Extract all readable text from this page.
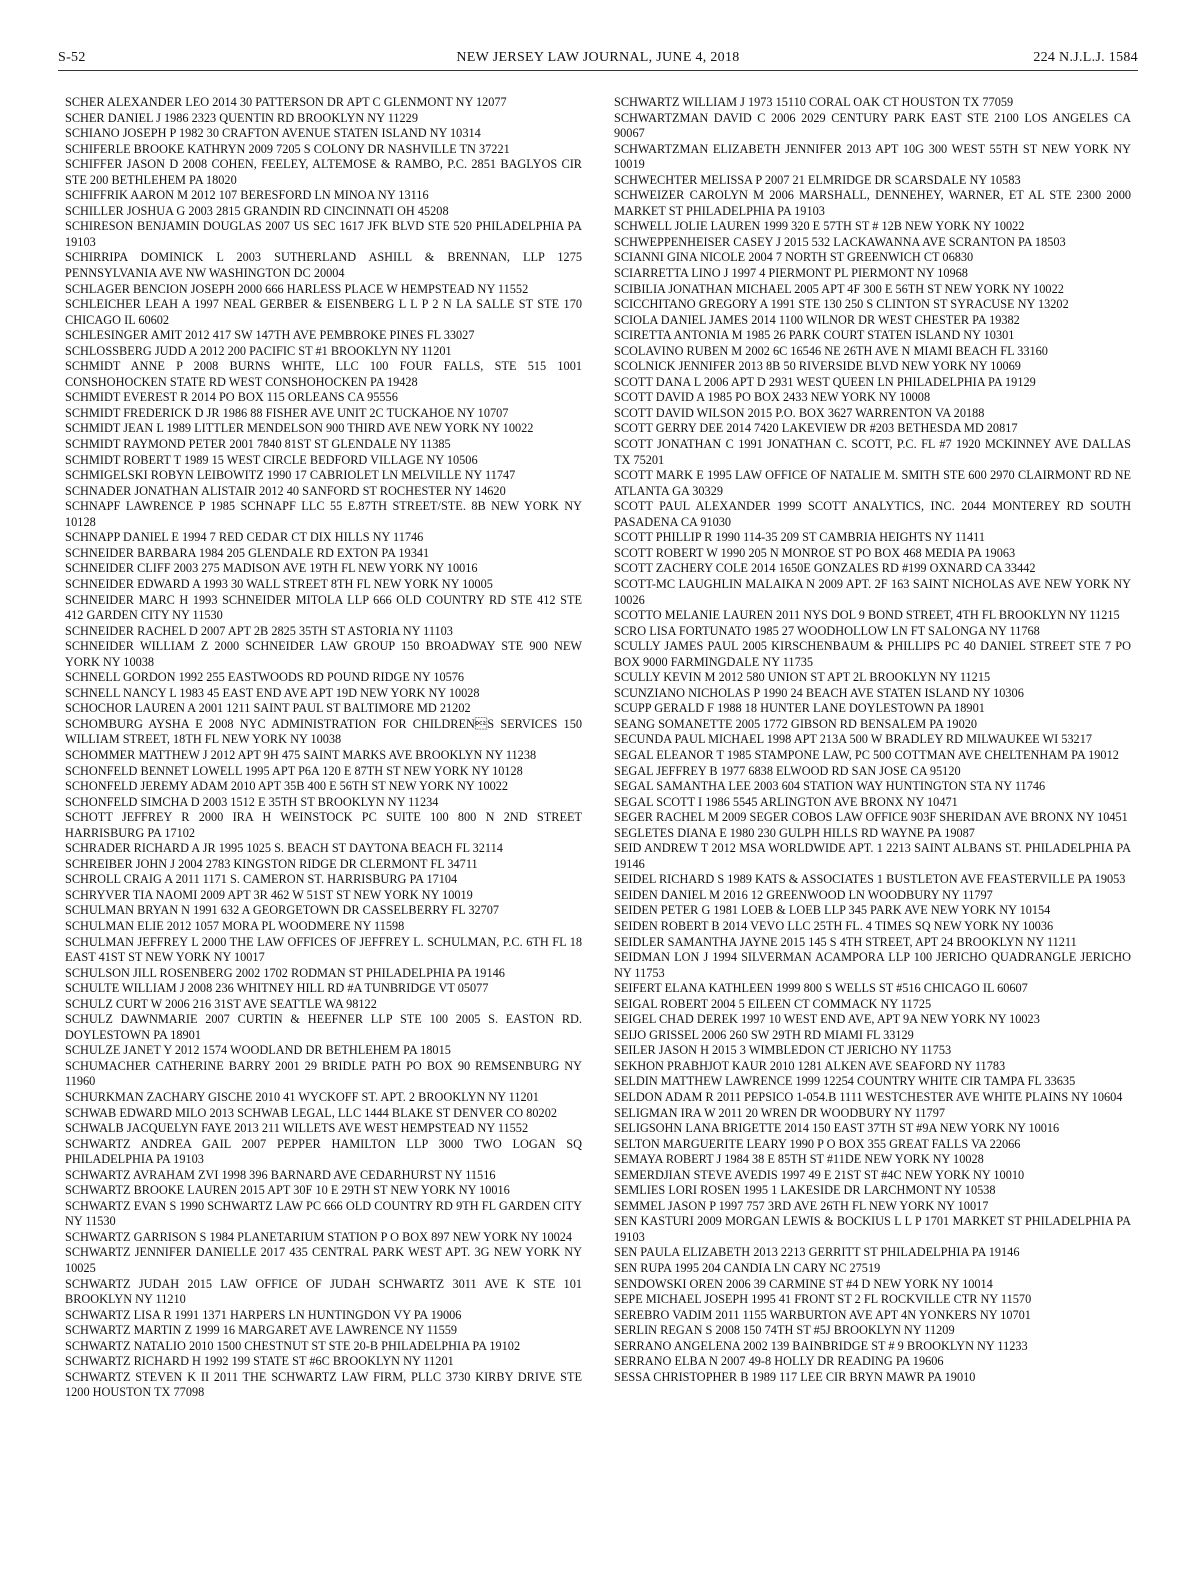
S-52	NEW JERSEY LAW JOURNAL, JUNE 4, 2018	224 N.J.L.J. 1584

SCHER ALEXANDER LEO 2014 30 PATTERSON DR APT C GLENMONT NY 12077

SCHER DANIEL J 1986 2323 QUENTIN RD BROOKLYN NY 11229

SCHIANO JOSEPH P 1982 30 CRAFTON AVENUE STATEN ISLAND NY 10314

SCHIFERLE BROOKE KATHRYN 2009 7205 S COLONY DR NASHVILLE TN 37221

SCHIFFER JASON D 2008 COHEN, FEELEY, ALTEMOSE & RAMBO, P.C. 2851 BAGLYOS CIR STE 200 BETHLEHEM PA 18020

SCHIFFRIK AARON M 2012 107 BERESFORD LN MINOA NY 13116

SCHILLER JOSHUA G 2003 2815 GRANDIN RD CINCINNATI OH 45208

SCHIRESON BENJAMIN DOUGLAS 2007 US SEC 1617 JFK BLVD STE 520 PHILADELPHIA PA 19103

SCHIRRIPA DOMINICK L 2003 SUTHERLAND ASHILL & BRENNAN, LLP 1275 PENNSYLVANIA AVE NW WASHINGTON DC 20004

SCHLAGER BENCION JOSEPH 2000 666 HARLESS PLACE W HEMPSTEAD NY 11552

SCHLEICHER LEAH A 1997 NEAL GERBER & EISENBERG L L P 2 N LA SALLE ST STE 170 CHICAGO IL 60602

SCHLESINGER AMIT 2012 417 SW 147TH AVE PEMBROKE PINES FL 33027

SCHLOSSBERG JUDD A 2012 200 PACIFIC ST #1 BROOKLYN NY 11201

SCHMIDT ANNE P 2008 BURNS WHITE, LLC 100 FOUR FALLS, STE 515 1001 CONSHOHOCKEN STATE RD WEST CONSHOHOCKEN PA 19428

SCHMIDT EVEREST R 2014 PO BOX 115 ORLEANS CA 95556

SCHMIDT FREDERICK D JR 1986 88 FISHER AVE UNIT 2C TUCKAHOE NY 10707

SCHMIDT JEAN L 1989 LITTLER MENDELSON 900 THIRD AVE NEW YORK NY 10022

SCHMIDT RAYMOND PETER 2001 7840 81ST ST GLENDALE NY 11385

SCHMIDT ROBERT T 1989 15 WEST CIRCLE BEDFORD VILLAGE NY 10506

SCHMIGELSKI ROBYN LEIBOWITZ 1990 17 CABRIOLET LN MELVILLE NY 11747

SCHNADER JONATHAN ALISTAIR 2012 40 SANFORD ST ROCHESTER NY 14620

SCHNAPF LAWRENCE P 1985 SCHNAPF LLC 55 E.87TH STREET/STE. 8B NEW YORK NY 10128

SCHNAPP DANIEL E 1994 7 RED CEDAR CT DIX HILLS NY 11746

SCHNEIDER BARBARA 1984 205 GLENDALE RD EXTON PA 19341

SCHNEIDER CLIFF 2003 275 MADISON AVE 19TH FL NEW YORK NY 10016

SCHNEIDER EDWARD A 1993 30 WALL STREET 8TH FL NEW YORK NY 10005

SCHNEIDER MARC H 1993 SCHNEIDER MITOLA LLP 666 OLD COUNTRY RD STE 412 STE 412 GARDEN CITY NY 11530

SCHNEIDER RACHEL D 2007 APT 2B 2825 35TH ST ASTORIA NY 11103

SCHNEIDER WILLIAM Z 2000 SCHNEIDER LAW GROUP 150 BROADWAY STE 900 NEW YORK NY 10038

SCHNELL GORDON 1992 255 EASTWOODS RD POUND RIDGE NY 10576

SCHNELL NANCY L 1983 45 EAST END AVE APT 19D NEW YORK NY 10028

SCHOCHOR LAUREN A 2001 1211 SAINT PAUL ST BALTIMORE MD 21202

SCHOMBURG AYSHA E 2008 NYC ADMINISTRATION FOR CHILDRENS SERVICES 150 WILLIAM STREET, 18TH FL NEW YORK NY 10038

SCHOMMER MATTHEW J 2012 APT 9H 475 SAINT MARKS AVE BROOKLYN NY 11238

SCHONFELD BENNET LOWELL 1995 APT P6A 120 E 87TH ST NEW YORK NY 10128

SCHONFELD JEREMY ADAM 2010 APT 35B 400 E 56TH ST NEW YORK NY 10022

SCHONFELD SIMCHA D 2003 1512 E 35TH ST BROOKLYN NY 11234

SCHOTT JEFFREY R 2000 IRA H WEINSTOCK PC SUITE 100 800 N 2ND STREET HARRISBURG PA 17102

SCHRADER RICHARD A JR 1995 1025 S. BEACH ST DAYTONA BEACH FL 32114

SCHREIBER JOHN J 2004 2783 KINGSTON RIDGE DR CLERMONT FL 34711

SCHROLL CRAIG A 2011 1171 S. CAMERON ST. HARRISBURG PA 17104

SCHRYVER TIA NAOMI 2009 APT 3R 462 W 51ST ST NEW YORK NY 10019

SCHULMAN BRYAN N 1991 632 A GEORGETOWN DR CASSELBERRY FL 32707

SCHULMAN ELIE 2012 1057 MORA PL WOODMERE NY 11598

SCHULMAN JEFFREY L 2000 THE LAW OFFICES OF JEFFREY L. SCHULMAN, P.C. 6TH FL 18 EAST 41ST ST NEW YORK NY 10017

SCHULSON JILL ROSENBERG 2002 1702 RODMAN ST PHILADELPHIA PA 19146

SCHULTE WILLIAM J 2008 236 WHITNEY HILL RD #A TUNBRIDGE VT 05077

SCHULZ CURT W 2006 216 31ST AVE SEATTLE WA 98122

SCHULZ DAWNMARIE 2007 CURTIN & HEEFNER LLP STE 100 2005 S. EASTON RD. DOYLESTOWN PA 18901

SCHULZE JANET Y 2012 1574 WOODLAND DR BETHLEHEM PA 18015

SCHUMACHER CATHERINE BARRY 2001 29 BRIDLE PATH PO BOX 90 REMSENBURG NY 11960

SCHURKMAN ZACHARY GISCHE 2010 41 WYCKOFF ST. APT. 2 BROOKLYN NY 11201

SCHWAB EDWARD MILO 2013 SCHWAB LEGAL, LLC 1444 BLAKE ST DENVER CO 80202

SCHWALB JACQUELYN FAYE 2013 211 WILLETS AVE WEST HEMPSTEAD NY 11552

SCHWARTZ ANDREA GAIL 2007 PEPPER HAMILTON LLP 3000 TWO LOGAN SQ PHILADELPHIA PA 19103

SCHWARTZ AVRAHAM ZVI 1998 396 BARNARD AVE CEDARHURST NY 11516

SCHWARTZ BROOKE LAUREN 2015 APT 30F 10 E 29TH ST NEW YORK NY 10016

SCHWARTZ EVAN S 1990 SCHWARTZ LAW PC 666 OLD COUNTRY RD 9TH FL GARDEN CITY NY 11530

SCHWARTZ GARRISON S 1984 PLANETARIUM STATION P O BOX 897 NEW YORK NY 10024

SCHWARTZ JENNIFER DANIELLE 2017 435 CENTRAL PARK WEST APT. 3G NEW YORK NY 10025

SCHWARTZ JUDAH 2015 LAW OFFICE OF JUDAH SCHWARTZ 3011 AVE K STE 101 BROOKLYN NY 11210

SCHWARTZ LISA R 1991 1371 HARPERS LN HUNTINGDON VY PA 19006

SCHWARTZ MARTIN Z 1999 16 MARGARET AVE LAWRENCE NY 11559

SCHWARTZ NATALIO 2010 1500 CHESTNUT ST STE 20-B PHILADELPHIA PA 19102

SCHWARTZ RICHARD H 1992 199 STATE ST #6C BROOKLYN NY 11201

SCHWARTZ STEVEN K II 2011 THE SCHWARTZ LAW FIRM, PLLC 3730 KIRBY DRIVE STE 1200 HOUSTON TX 77098

SCHWARTZ WILLIAM J 1973 15110 CORAL OAK CT HOUSTON TX 77059

SCHWARTZMAN DAVID C 2006 2029 CENTURY PARK EAST STE 2100 LOS ANGELES CA 90067

SCHWARTZMAN ELIZABETH JENNIFER 2013 APT 10G 300 WEST 55TH ST NEW YORK NY 10019

SCHWECHTER MELISSA P 2007 21 ELMRIDGE DR SCARSDALE NY 10583

SCHWEIZER CAROLYN M 2006 MARSHALL, DENNEHEY, WARNER, ET AL STE 2300 2000 MARKET ST PHILADELPHIA PA 19103

SCHWELL JOLIE LAUREN 1999 320 E 57TH ST # 12B NEW YORK NY 10022

SCHWEPPENHEISER CASEY J 2015 532 LACKAWANNA AVE SCRANTON PA 18503

SCIANNI GINA NICOLE 2004 7 NORTH ST GREENWICH CT 06830

SCIARRETTA LINO J 1997 4 PIERMONT PL PIERMONT NY 10968

SCIBILIA JONATHAN MICHAEL 2005 APT 4F 300 E 56TH ST NEW YORK NY 10022

SCICCHITANO GREGORY A 1991 STE 130 250 S CLINTON ST SYRACUSE NY 13202

SCIOLA DANIEL JAMES 2014 1100 WILNOR DR WEST CHESTER PA 19382

SCIRETTA ANTONIA M 1985 26 PARK COURT STATEN ISLAND NY 10301

SCOLAVINO RUBEN M 2002 6C 16546 NE 26TH AVE N MIAMI BEACH FL 33160

SCOLNICK JENNIFER 2013 8B 50 RIVERSIDE BLVD NEW YORK NY 10069

SCOTT DANA L 2006 APT D 2931 WEST QUEEN LN PHILADELPHIA PA 19129

SCOTT DAVID A 1985 PO BOX 2433 NEW YORK NY 10008

SCOTT DAVID WILSON 2015 P.O. BOX 3627 WARRENTON VA 20188

SCOTT GERRY DEE 2014 7420 LAKEVIEW DR #203 BETHESDA MD 20817

SCOTT JONATHAN C 1991 JONATHAN C. SCOTT, P.C. FL #7 1920 MCKINNEY AVE DALLAS TX 75201

SCOTT MARK E 1995 LAW OFFICE OF NATALIE M. SMITH STE 600 2970 CLAIRMONT RD NE ATLANTA GA 30329

SCOTT PAUL ALEXANDER 1999 SCOTT ANALYTICS, INC. 2044 MONTEREY RD SOUTH PASADENA CA 91030

SCOTT PHILLIP R 1990 114-35 209 ST CAMBRIA HEIGHTS NY 11411

SCOTT ROBERT W 1990 205 N MONROE ST PO BOX 468 MEDIA PA 19063

SCOTT ZACHERY COLE 2014 1650E GONZALES RD #199 OXNARD CA 33442

SCOTT-MC LAUGHLIN MALAIKA N 2009 APT. 2F 163 SAINT NICHOLAS AVE NEW YORK NY 10026

SCOTTO MELANIE LAUREN 2011 NYS DOL 9 BOND STREET, 4TH FL BROOKLYN NY 11215

SCRO LISA FORTUNATO 1985 27 WOODHOLLOW LN FT SALONGA NY 11768

SCULLY JAMES PAUL 2005 KIRSCHENBAUM & PHILLIPS PC 40 DANIEL STREET STE 7 PO BOX 9000 FARMINGDALE NY 11735

SCULLY KEVIN M 2012 580 UNION ST APT 2L BROOKLYN NY 11215

SCUNZIANO NICHOLAS P 1990 24 BEACH AVE STATEN ISLAND NY 10306

SCUPP GERALD F 1988 18 HUNTER LANE DOYLESTOWN PA 18901

SEANG SOMANETTE 2005 1772 GIBSON RD BENSALEM PA 19020

SECUNDA PAUL MICHAEL 1998 APT 213A 500 W BRADLEY RD MILWAUKEE WI 53217

SEGAL ELEANOR T 1985 STAMPONE LAW, PC 500 COTTMAN AVE CHELTENHAM PA 19012

SEGAL JEFFREY B 1977 6838 ELWOOD RD SAN JOSE CA 95120

SEGAL SAMANTHA LEE 2003 604 STATION WAY HUNTINGTON STA NY 11746

SEGAL SCOTT I 1986 5545 ARLINGTON AVE BRONX NY 10471

SEGER RACHEL M 2009 SEGER COBOS LAW OFFICE 903F SHERIDAN AVE BRONX NY 10451

SEGLETES DIANA E 1980 230 GULPH HILLS RD WAYNE PA 19087

SEID ANDREW T 2012 MSA WORLDWIDE APT. 1 2213 SAINT ALBANS ST. PHILADELPHIA PA 19146

SEIDEL RICHARD S 1989 KATS & ASSOCIATES 1 BUSTLETON AVE FEASTERVILLE PA 19053

SEIDEN DANIEL M 2016 12 GREENWOOD LN WOODBURY NY 11797

SEIDEN PETER G 1981 LOEB & LOEB LLP 345 PARK AVE NEW YORK NY 10154

SEIDEN ROBERT B 2014 VEVO LLC 25TH FL. 4 TIMES SQ NEW YORK NY 10036

SEIDLER SAMANTHA JAYNE 2015 145 S 4TH STREET, APT 24 BROOKLYN NY 11211

SEIDMAN LON J 1994 SILVERMAN ACAMPORA LLP 100 JERICHO QUADRANGLE JERICHO NY 11753

SEIFERT ELANA KATHLEEN 1999 800 S WELLS ST #516 CHICAGO IL 60607

SEIGAL ROBERT 2004 5 EILEEN CT COMMACK NY 11725

SEIGEL CHAD DEREK 1997 10 WEST END AVE, APT 9A NEW YORK NY 10023

SEIJO GRISSEL 2006 260 SW 29TH RD MIAMI FL 33129

SEILER JASON H 2015 3 WIMBLEDON CT JERICHO NY 11753

SEKHON PRABHJOT KAUR 2010 1281 ALKEN AVE SEAFORD NY 11783

SELDIN MATTHEW LAWRENCE 1999 12254 COUNTRY WHITE CIR TAMPA FL 33635

SELDON ADAM R 2011 PEPSICO 1-054.B 1111 WESTCHESTER AVE WHITE PLAINS NY 10604

SELIGMAN IRA W 2011 20 WREN DR WOODBURY NY 11797

SELIGSOHN LANA BRIGETTE 2014 150 EAST 37TH ST #9A NEW YORK NY 10016

SELTON MARGUERITE LEARY 1990 P O BOX 355 GREAT FALLS VA 22066

SEMAYA ROBERT J 1984 38 E 85TH ST #11DE NEW YORK NY 10028

SEMERDJIAN STEVE AVEDIS 1997 49 E 21ST ST #4C NEW YORK NY 10010

SEMLIES LORI ROSEN 1995 1 LAKESIDE DR LARCHMONT NY 10538

SEMMEL JASON P 1997 757 3RD AVE 26TH FL NEW YORK NY 10017

SEN KASTURI 2009 MORGAN LEWIS & BOCKIUS L L P 1701 MARKET ST PHILADELPHIA PA 19103

SEN PAULA ELIZABETH 2013 2213 GERRITT ST PHILADELPHIA PA 19146

SEN RUPA 1995 204 CANDIA LN CARY NC 27519

SENDOWSKI OREN 2006 39 CARMINE ST #4 D NEW YORK NY 10014

SEPE MICHAEL JOSEPH 1995 41 FRONT ST 2 FL ROCKVILLE CTR NY 11570

SEREBRO VADIM 2011 1155 WARBURTON AVE APT 4N YONKERS NY 10701

SERLIN REGAN S 2008 150 74TH ST #5J BROOKLYN NY 11209

SERRANO ANGELENA 2002 139 BAINBRIDGE ST # 9 BROOKLYN NY 11233

SERRANO ELBA N 2007 49-8 HOLLY DR READING PA 19606

SESSA CHRISTOPHER B 1989 117 LEE CIR BRYN MAWR PA 19010
